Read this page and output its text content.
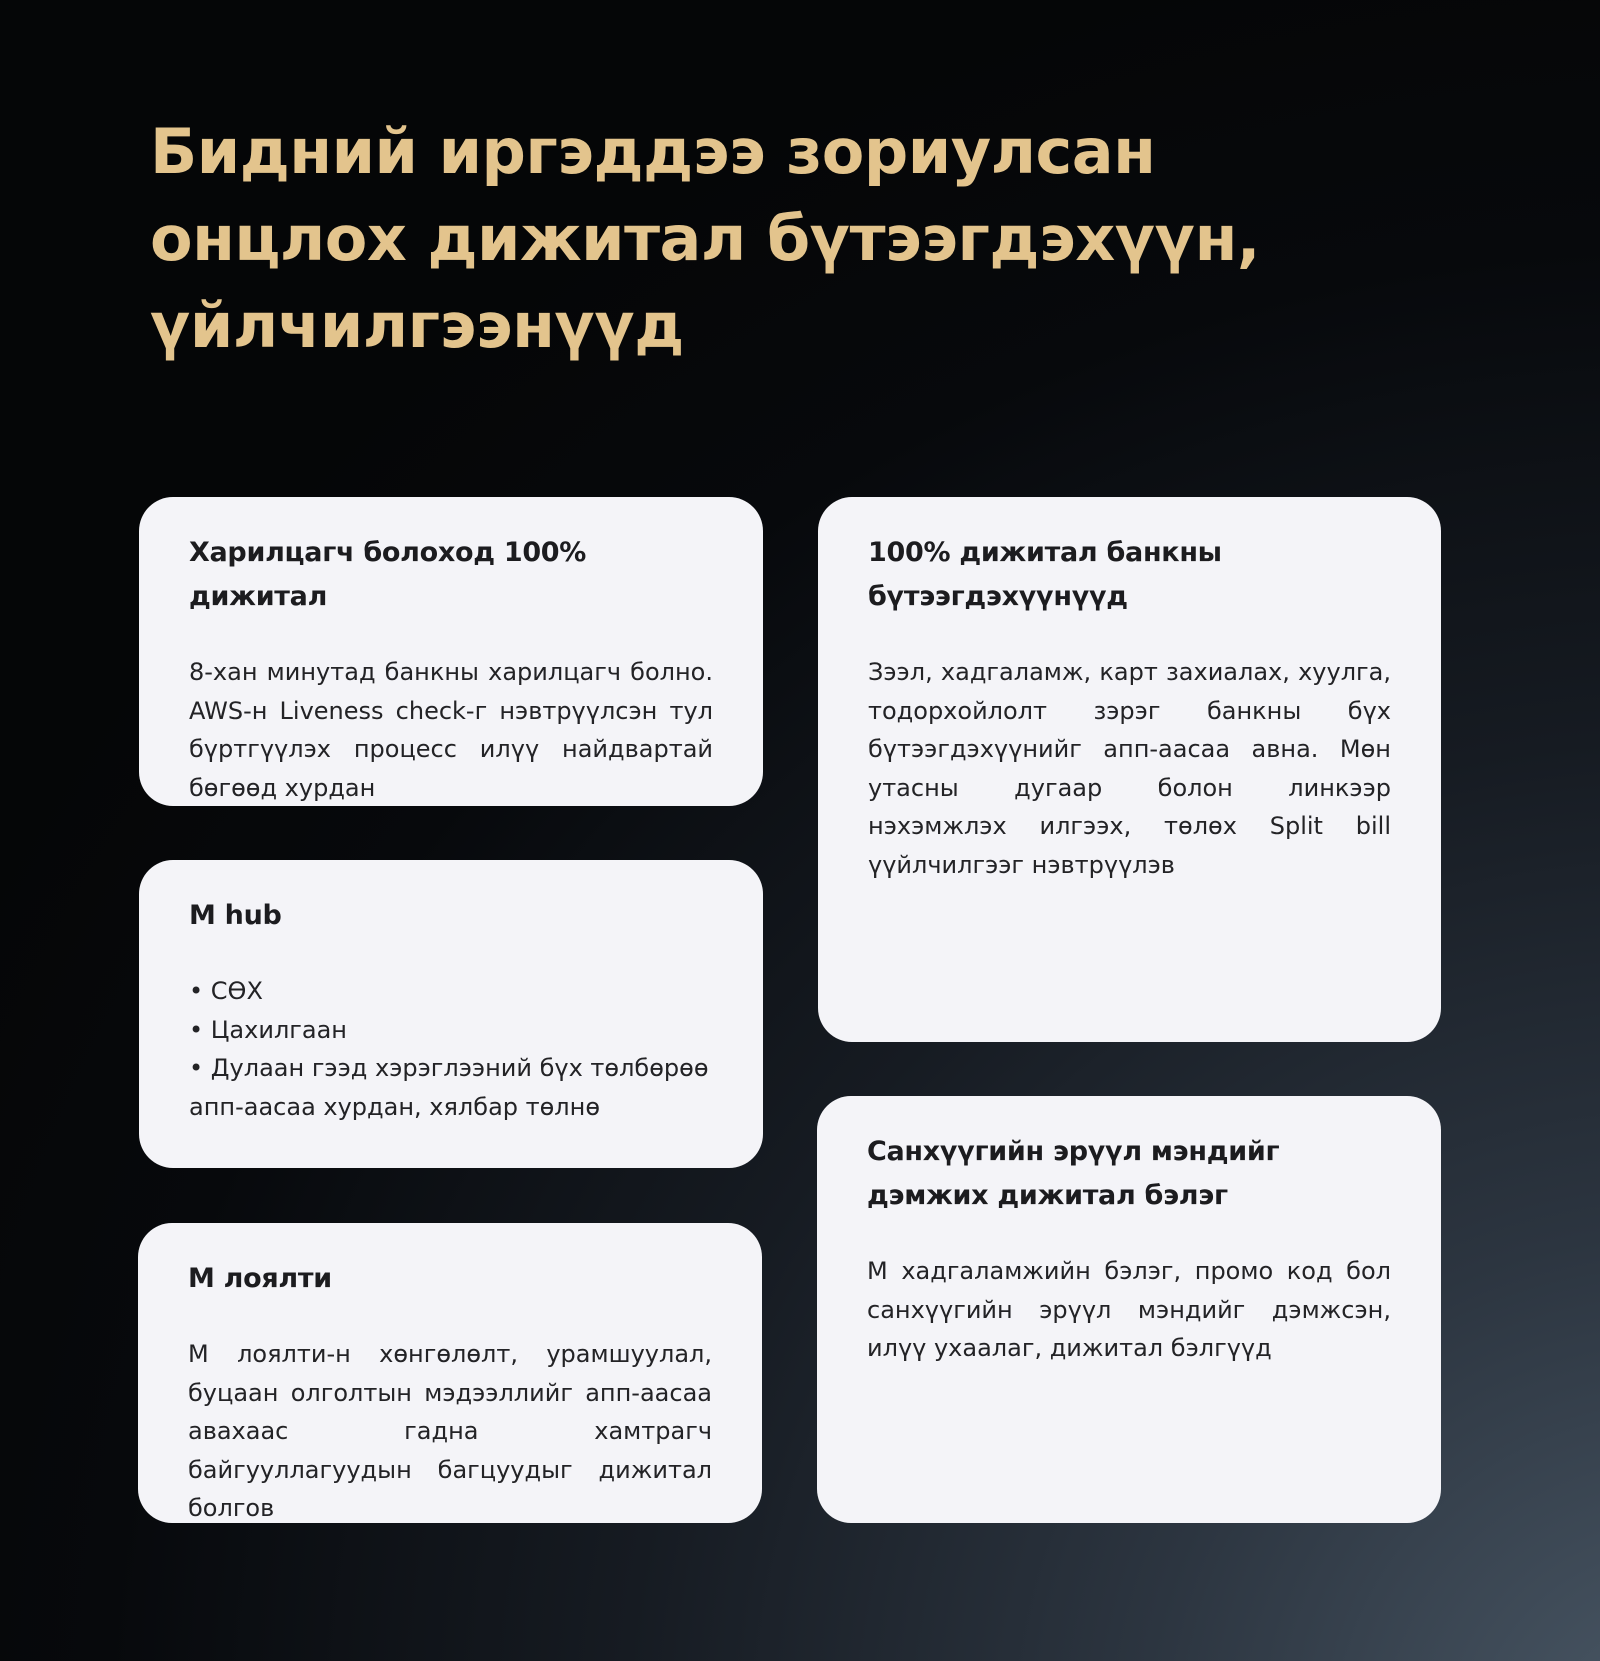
Бидний иргэддээ зориулсан
онцлох дижитал бүтээгдэхүүн,
үйлчилгээнүүд
Харилцагч болоход 100% дижитал

8-хан минутад банкны харилцагч болно. AWS-н Liveness check-г нэвтрүүлсэн тул бүртгүүлэх процесс илүү найдвартай бөгөөд хурдан

100% дижитал банкны
бүтээгдэхүүнүүд

Зээл, хадгаламж, карт захиалах, хуулга, тодорхойлолт зэрэг банкны бүх бүтээгдэхүүнийг апп-аасаа авна. Мөн утасны дугаар болон линкээр нэхэмжлэх илгээх, төлөх Split bill үүйлчилгээг нэвтрүүлэв

M hub
• СӨХ
• Цахилгаан
• Дулаан гээд хэрэглээний бүх төлбөрөө
апп-аасаа хурдан, хялбар төлнө
Санхүүгийн эрүүл мэндийг
дэмжих дижитал бэлэг

M хадгаламжийн бэлэг, промо код бол санхүүгийн эрүүл мэндийг дэмжсэн, илүү ухаалаг, дижитал бэлгүүд

M лоялти

M лоялти-н хөнгөлөлт, урамшуулал, буцаан олголтын мэдээллийг апп-аасаа авахаас гадна хамтрагч байгууллагуудын багцуудыг дижитал болгов
